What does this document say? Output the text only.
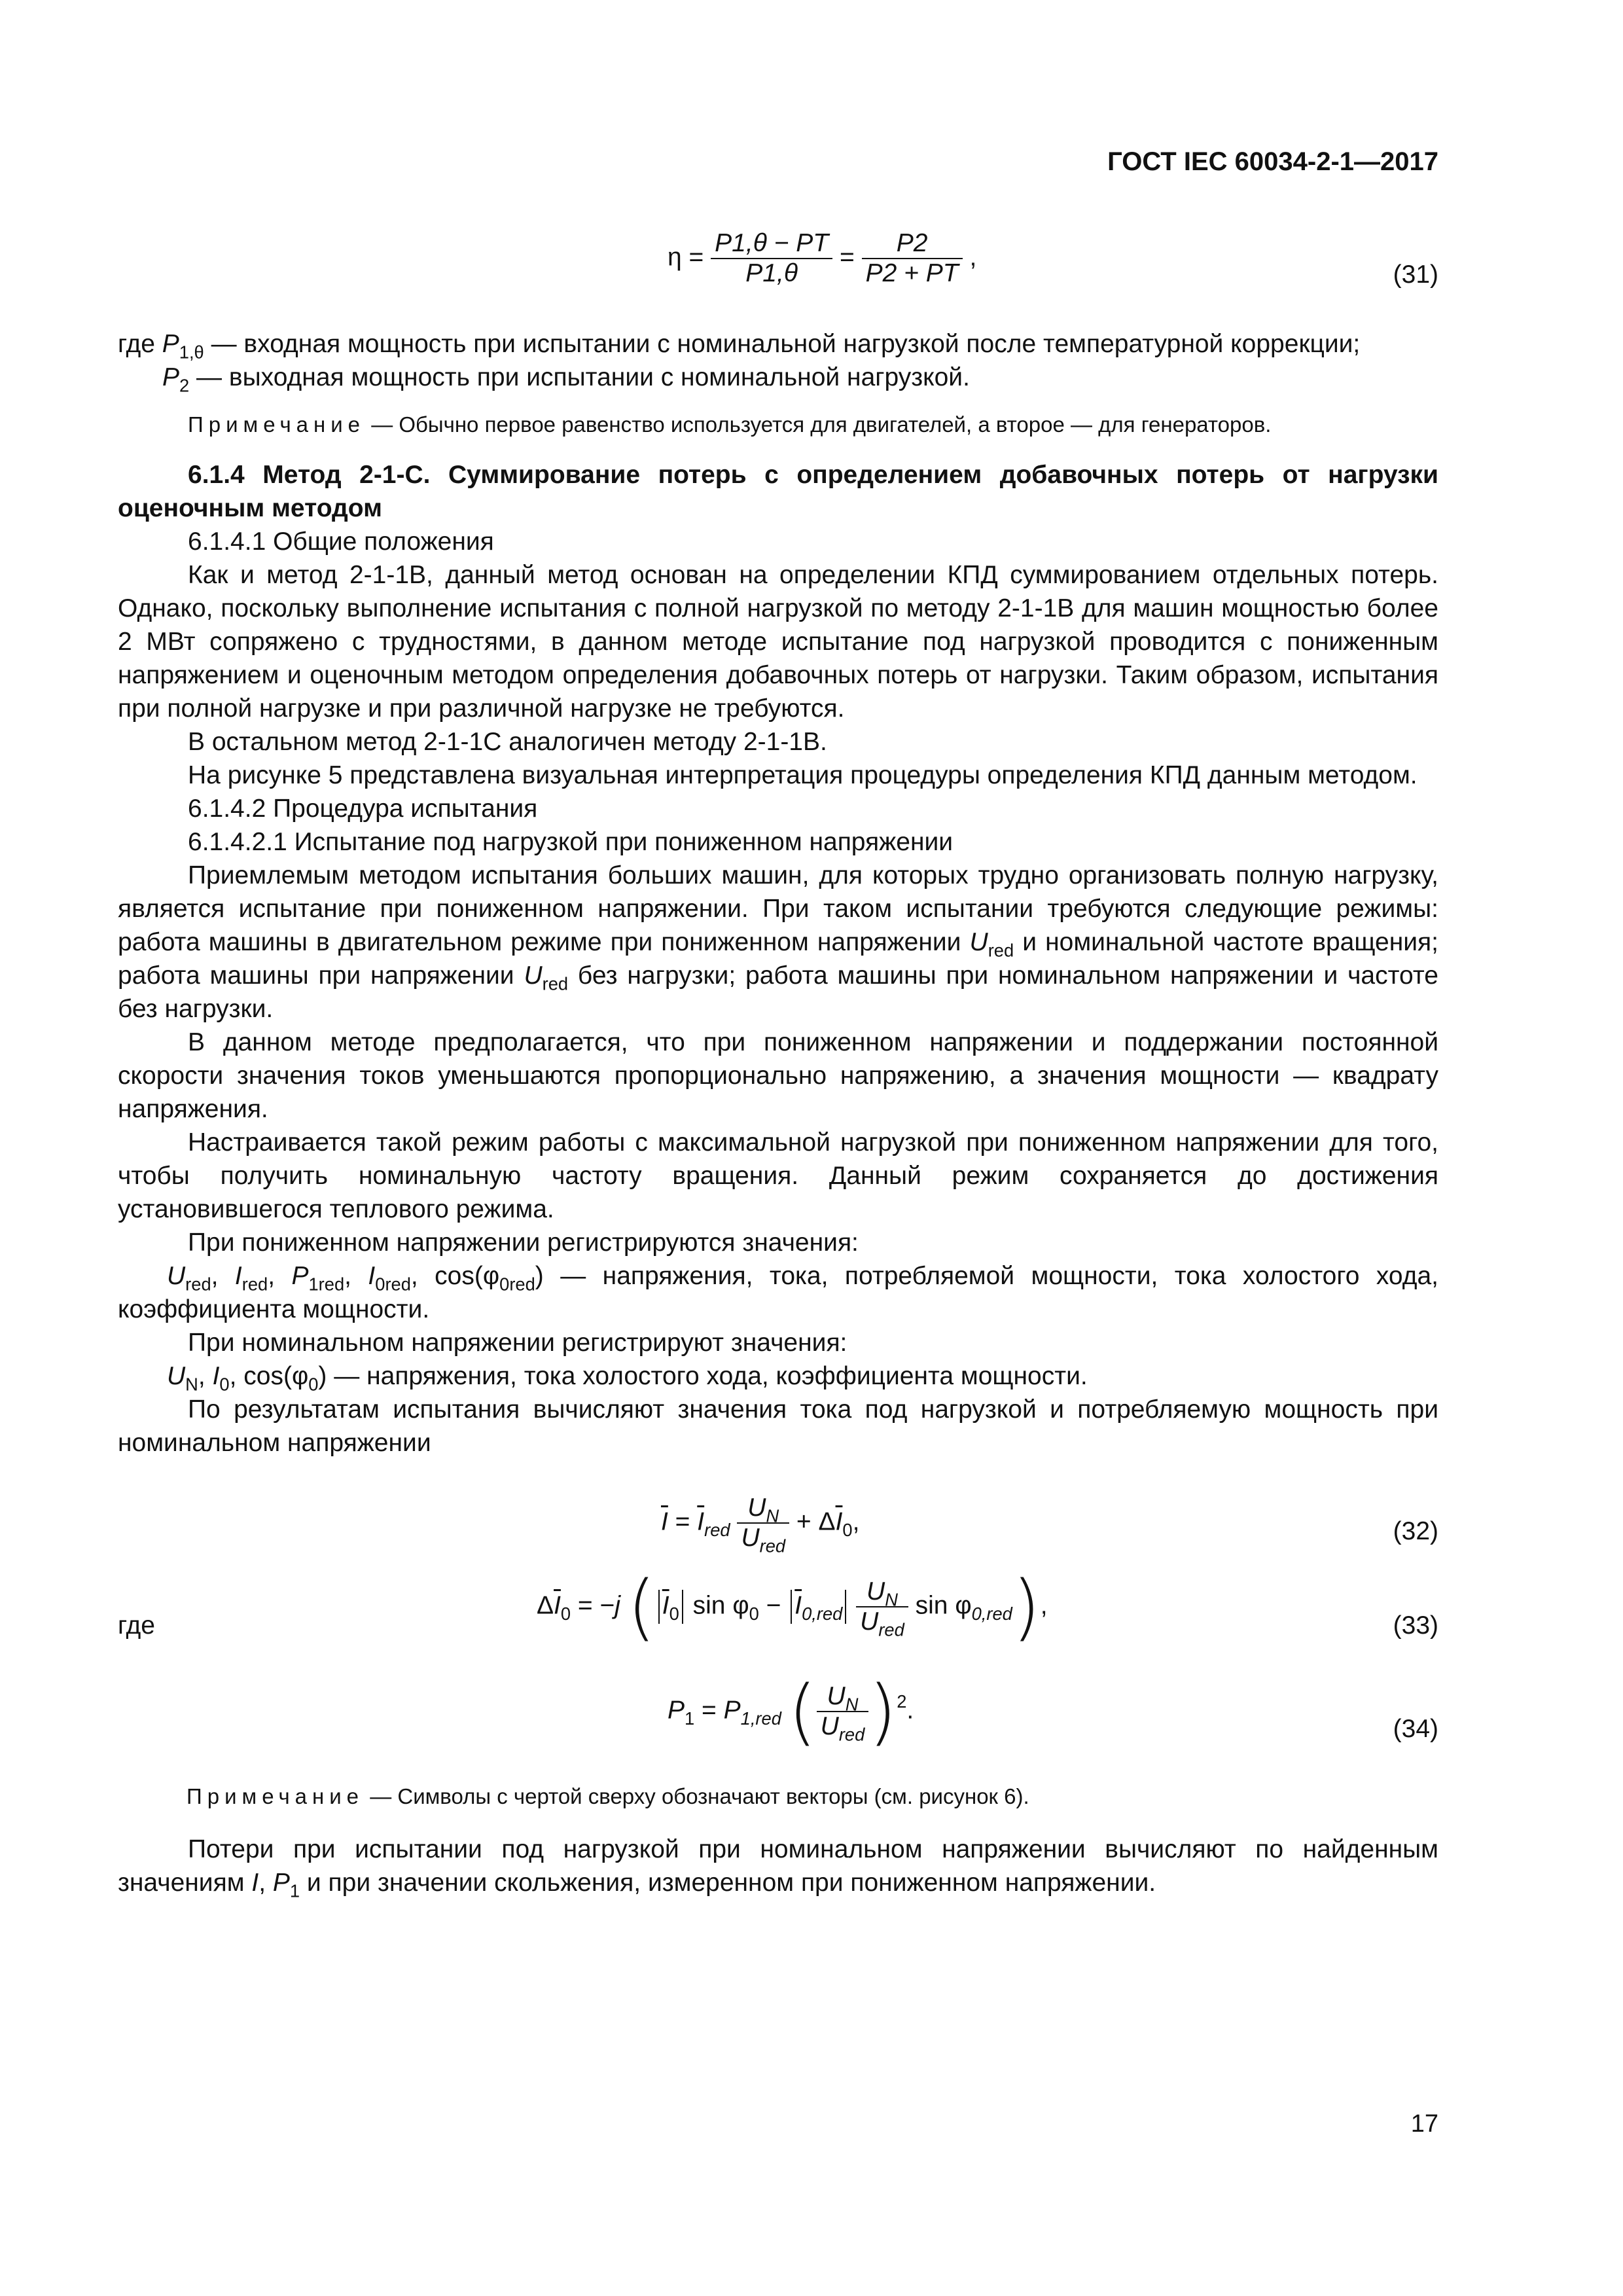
ГОСТ IEC 60034-2-1—2017
$\eta = \frac{P1,\theta - PT}{P1,\theta} = \frac{P2}{P2 + PT}$ ,
(31)

где $P_{1,\theta}$ — входная мощность при испытании с номинальной нагрузкой после температурной коррекции;

$P_2$ — выходная мощность при испытании с номинальной нагрузкой.

Примечание — Обычно первое равенство используется для двигателей, а второе — для генераторов.

6.1.4 Метод 2-1-С. Суммирование потерь с определением добавочных потерь от нагрузки оценочным методом

6.1.4.1 Общие положения

Как и метод 2-1-1В, данный метод основан на определении КПД суммированием отдельных потерь. Однако, поскольку выполнение испытания с полной нагрузкой по методу 2-1-1В для машин мощностью более 2 МВт сопряжено с трудностями, в данном методе испытание под нагрузкой проводится с пониженным напряжением и оценочным методом определения добавочных потерь от нагрузки. Таким образом, испытания при полной нагрузке и при различной нагрузке не требуются.

В остальном метод 2-1-1С аналогичен методу 2-1-1В.

На рисунке 5 представлена визуальная интерпретация процедуры определения КПД данным методом.

6.1.4.2 Процедура испытания

6.1.4.2.1 Испытание под нагрузкой при пониженном напряжении

Приемлемым методом испытания больших машин, для которых трудно организовать полную нагрузку, является испытание при пониженном напряжении. При таком испытании требуются следующие режимы: работа машины в двигательном режиме при пониженном напряжении $U_{red}$ и номинальной частоте вращения; работа машины при напряжении $U_{red}$ без нагрузки; работа машины при номинальном напряжении и частоте без нагрузки.

В данном методе предполагается, что при пониженном напряжении и поддержании постоянной скорости значения токов уменьшаются пропорционально напряжению, а значения мощности — квадрату напряжения.

Настраивается такой режим работы с максимальной нагрузкой при пониженном напряжении для того, чтобы получить номинальную частоту вращения. Данный режим сохраняется до достижения установившегося теплового режима.

При пониженном напряжении регистрируются значения:

$U_{red}$, $I_{red}$, $P_{1red}$, $I_{0red}$, $\cos(\varphi_{0red})$ — напряжения, тока, потребляемой мощности, тока холостого хода, коэффициента мощности.

При номинальном напряжении регистрируют значения:

$U_N$, $I_0$, $\cos(\varphi_0)$ — напряжения, тока холостого хода, коэффициента мощности.

По результатам испытания вычисляют значения тока под нагрузкой и потребляемую мощность при номинальном напряжении

$\overline{I} = \overline{I}_{red} \frac{U_N}{U_{red}} + \Delta\overline{I}_0$,	(32)
где
$\Delta\overline{I}_0 = -j$ ( $\overline{I}_0$ $\sin \varphi_0 - \overline{I}_{0,red} \frac{U_N}{U_{red}}$ $\sin \varphi_{0,red}$),
(33)
$P_1 = P_{1,red}$ ( $\frac{U_N}{U_{red}} )^2$.
(34)

Примечание — Символы с чертой сверху обозначают векторы (см. рисунок 6).

Потери при испытании под нагрузкой при номинальном напряжении вычисляют по найденным значениям I, $P_1$ и при значении скольжения, измеренном при пониженном напряжении.

17
